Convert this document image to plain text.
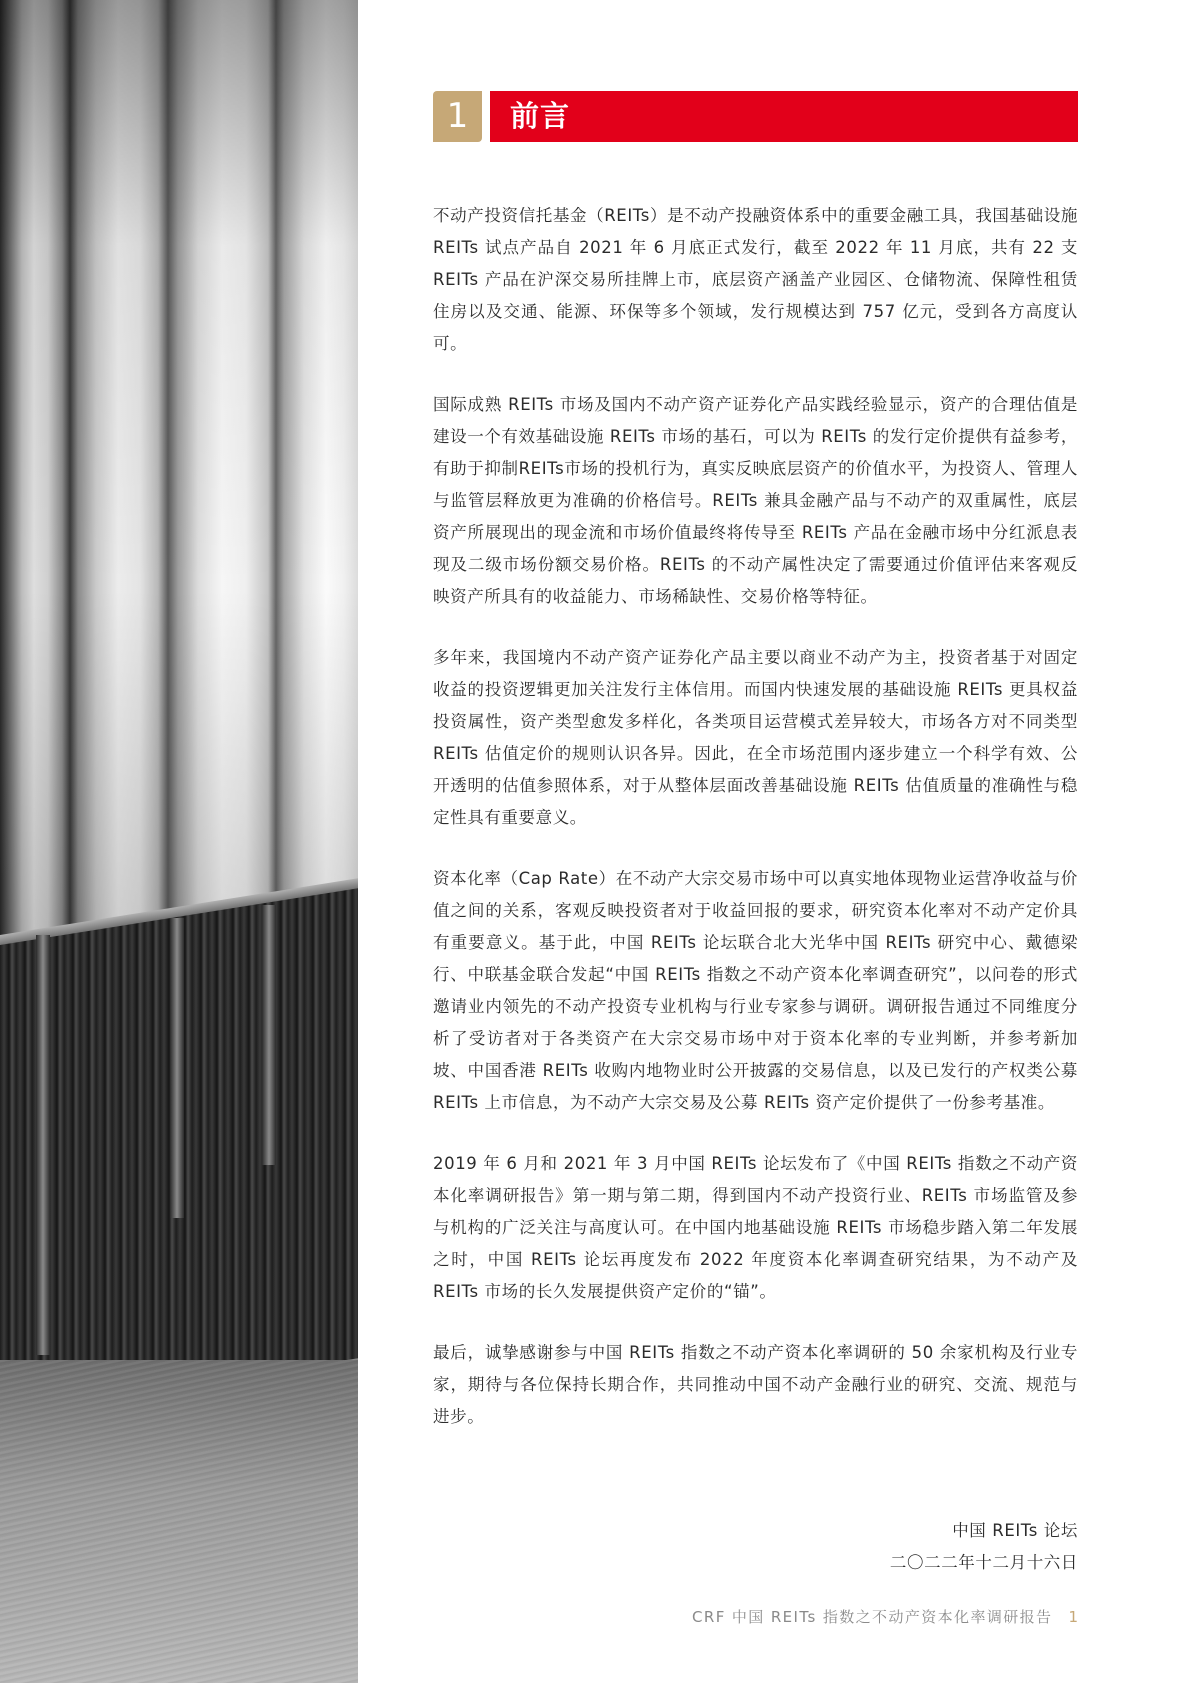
1	前言

不动产投资信托基金（REITs）是不动产投融资体系中的重要金融工具，我国基础设施 REITs 试点产品自 2021 年 6 月底正式发行，截至 2022 年 11 月底，共有 22 支 REITs 产品在沪深交易所挂牌上市，底层资产涵盖产业园区、仓储物流、保障性租赁住房以及交通、能源、环保等多个领域，发行规模达到 757 亿元，受到各方高度认可。

国际成熟 REITs 市场及国内不动产资产证券化产品实践经验显示，资产的合理估值是建设一个有效基础设施 REITs 市场的基石，可以为 REITs 的发行定价提供有益参考，有助于抑制REITs市场的投机行为，真实反映底层资产的价值水平，为投资人、管理人与监管层释放更为准确的价格信号。REITs 兼具金融产品与不动产的双重属性，底层资产所展现出的现金流和市场价值最终将传导至 REITs 产品在金融市场中分红派息表现及二级市场份额交易价格。REITs 的不动产属性决定了需要通过价值评估来客观反映资产所具有的收益能力、市场稀缺性、交易价格等特征。

多年来，我国境内不动产资产证券化产品主要以商业不动产为主，投资者基于对固定收益的投资逻辑更加关注发行主体信用。而国内快速发展的基础设施 REITs 更具权益投资属性，资产类型愈发多样化，各类项目运营模式差异较大，市场各方对不同类型 REITs 估值定价的规则认识各异。因此，在全市场范围内逐步建立一个科学有效、公开透明的估值参照体系，对于从整体层面改善基础设施 REITs 估值质量的准确性与稳定性具有重要意义。

资本化率（Cap Rate）在不动产大宗交易市场中可以真实地体现物业运营净收益与价值之间的关系，客观反映投资者对于收益回报的要求，研究资本化率对不动产定价具有重要意义。基于此，中国 REITs 论坛联合北大光华中国 REITs 研究中心、戴德梁行、中联基金联合发起“中国 REITs 指数之不动产资本化率调查研究”，以问卷的形式邀请业内领先的不动产投资专业机构与行业专家参与调研。调研报告通过不同维度分析了受访者对于各类资产在大宗交易市场中对于资本化率的专业判断，并参考新加坡、中国香港 REITs 收购内地物业时公开披露的交易信息，以及已发行的产权类公募 REITs 上市信息，为不动产大宗交易及公募 REITs 资产定价提供了一份参考基准。

2019 年 6 月和 2021 年 3 月中国 REITs 论坛发布了《中国 REITs 指数之不动产资本化率调研报告》第一期与第二期，得到国内不动产投资行业、REITs 市场监管及参与机构的广泛关注与高度认可。在中国内地基础设施 REITs 市场稳步踏入第二年发展之时，中国 REITs 论坛再度发布 2022 年度资本化率调查研究结果，为不动产及 REITs 市场的长久发展提供资产定价的“锚”。

最后，诚挚感谢参与中国 REITs 指数之不动产资本化率调研的 50 余家机构及行业专家，期待与各位保持长期合作，共同推动中国不动产金融行业的研究、交流、规范与进步。

中国 REITs 论坛
二〇二二年十二月十六日
CRF 中国 REITs 指数之不动产资本化率调研报告 1
